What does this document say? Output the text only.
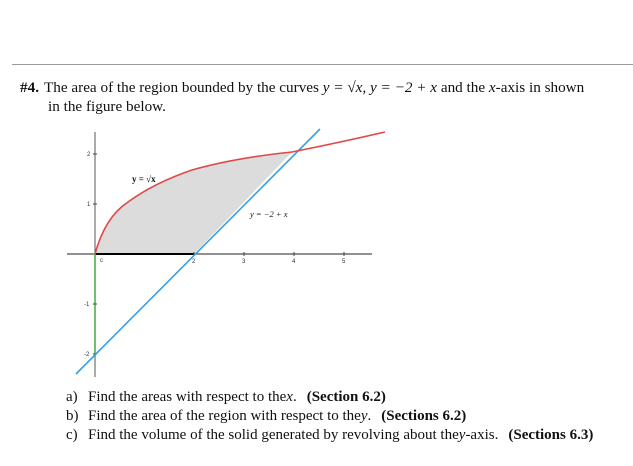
#4. The area of the region bounded by the curves y = √x, y = −2 + x and the x-axis in shown
in the figure below.
c	2	3	4	5
2
1
-1
-2
y = √x
y = −2 + x
a) Find the areas with respect to the x . (Section 6.2)
b) Find the area of the region with respect to the y . (Sections 6.2)
c) Find the volume of the solid generated by revolving about the y -axis. (Sections 6.3)
